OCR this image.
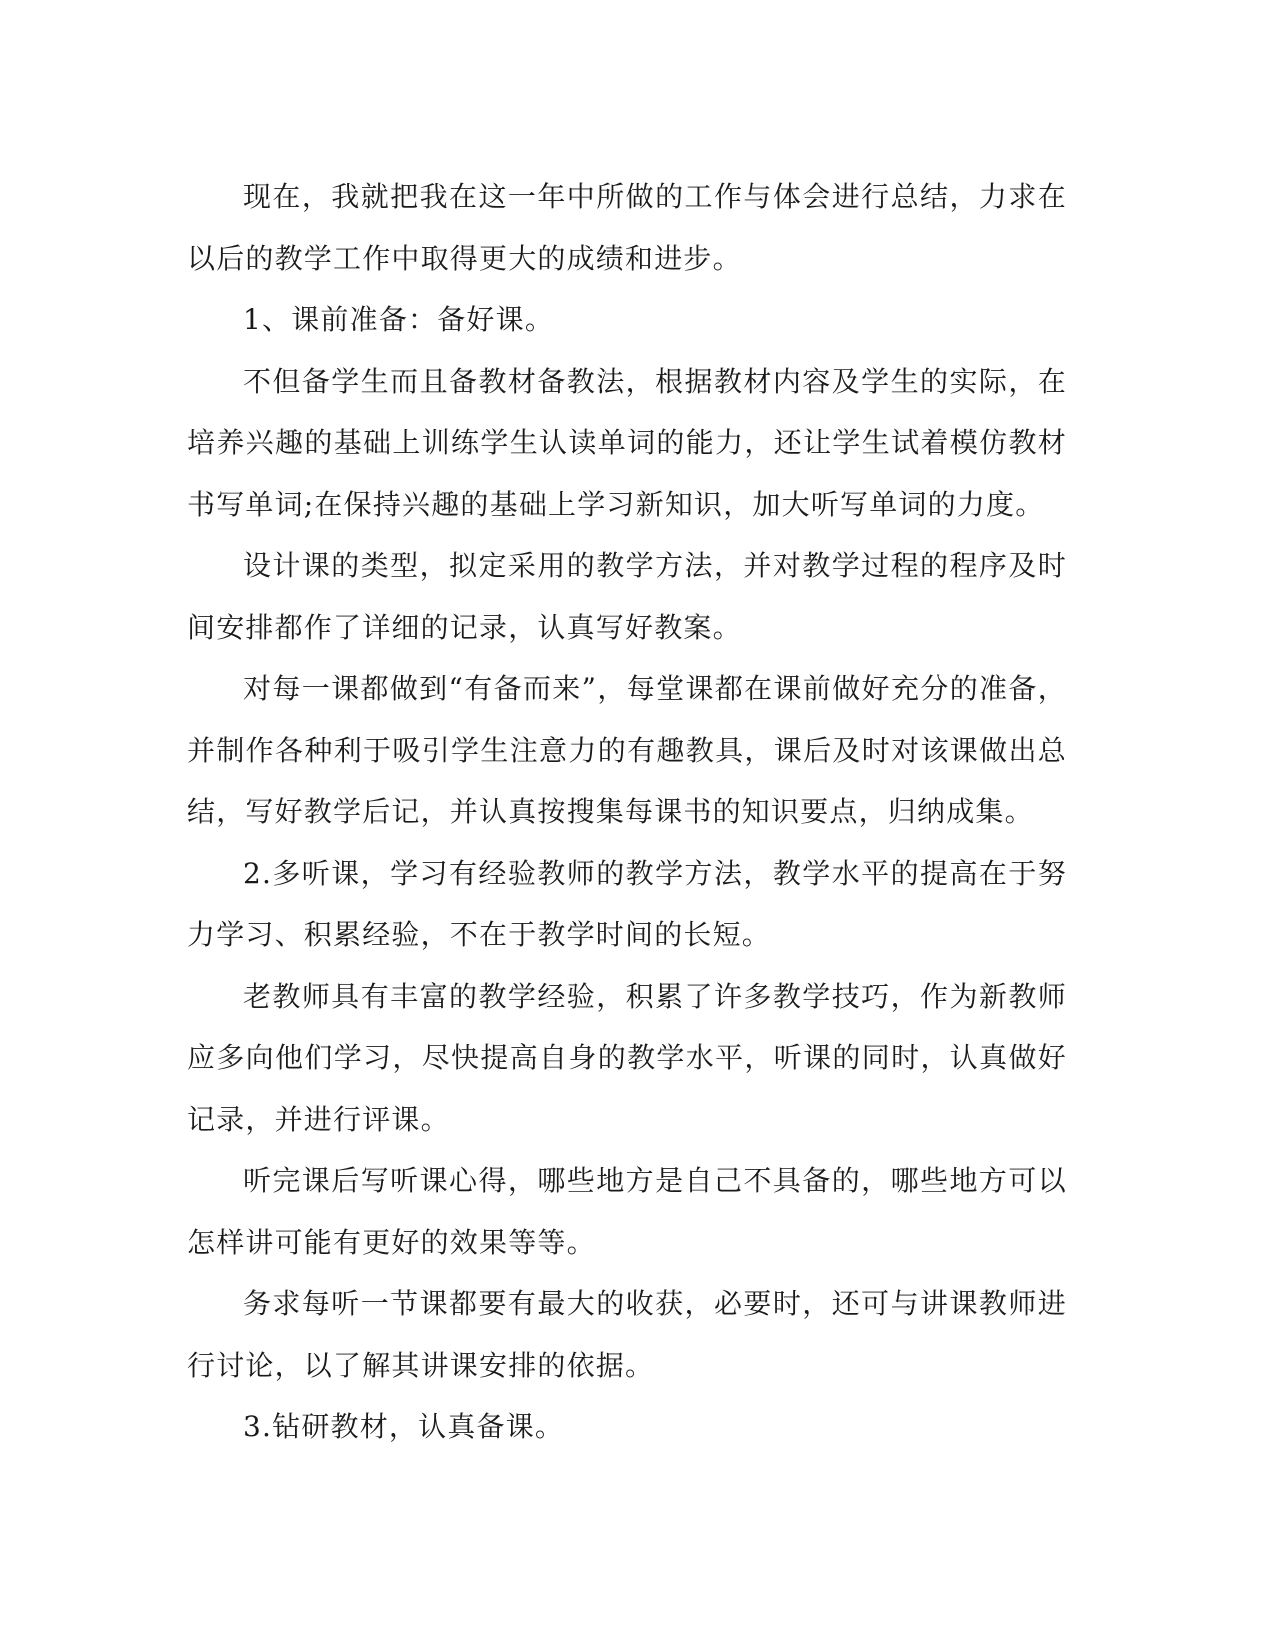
现在，我就把我在这一年中所做的工作与体会进行总结，力求在以后的教学工作中取得更大的成绩和进步。

1、课前准备：备好课。

不但备学生而且备教材备教法，根据教材内容及学生的实际，在培养兴趣的基础上训练学生认读单词的能力，还让学生试着模仿教材书写单词;在保持兴趣的基础上学习新知识，加大听写单词的力度。

设计课的类型，拟定采用的教学方法，并对教学过程的程序及时间安排都作了详细的记录，认真写好教案。

对每一课都做到“有备而来”，每堂课都在课前做好充分的准备，并制作各种利于吸引学生注意力的有趣教具，课后及时对该课做出总结，写好教学后记，并认真按搜集每课书的知识要点，归纳成集。

2.多听课，学习有经验教师的教学方法，教学水平的提高在于努力学习、积累经验，不在于教学时间的长短。

老教师具有丰富的教学经验，积累了许多教学技巧，作为新教师应多向他们学习，尽快提高自身的教学水平，听课的同时，认真做好记录，并进行评课。

听完课后写听课心得，哪些地方是自己不具备的，哪些地方可以怎样讲可能有更好的效果等等。

务求每听一节课都要有最大的收获，必要时，还可与讲课教师进行讨论，以了解其讲课安排的依据。

3.钻研教材，认真备课。
